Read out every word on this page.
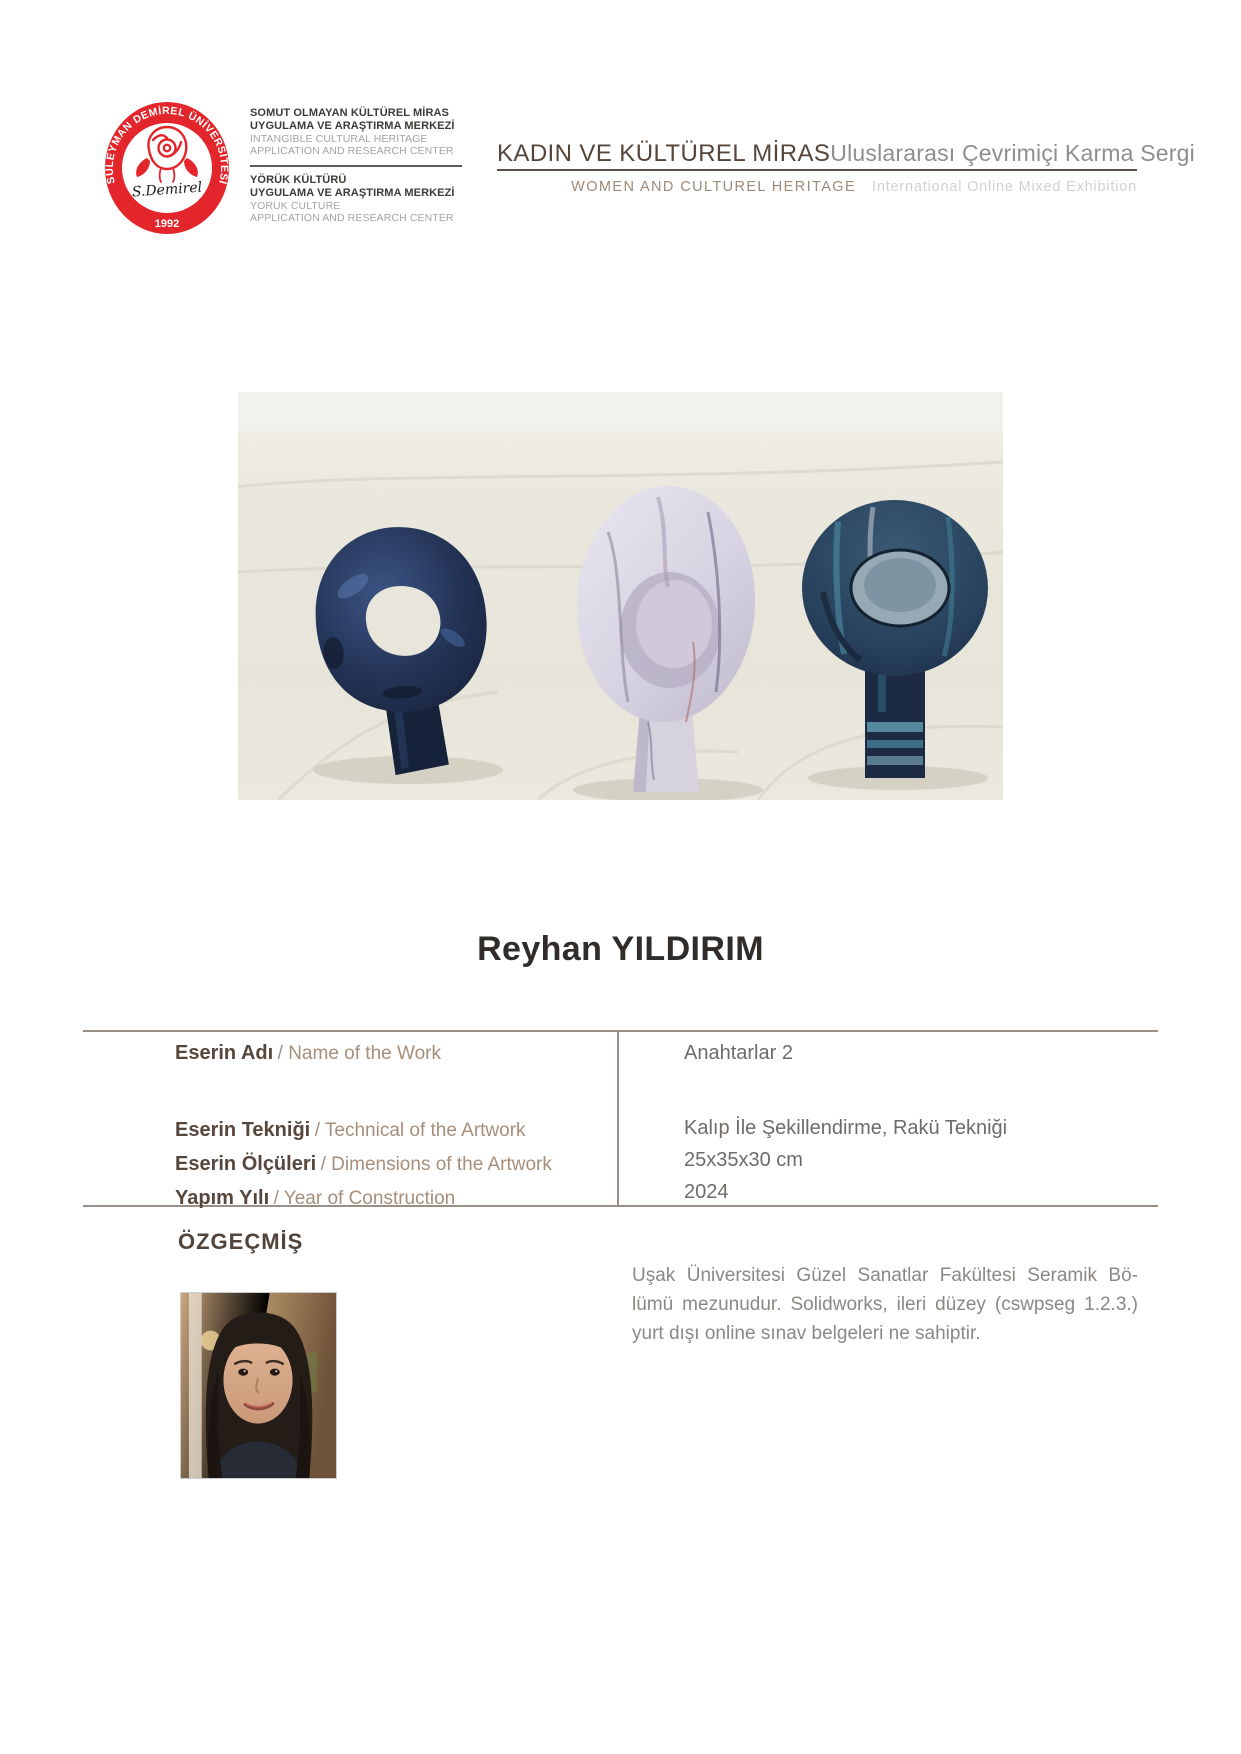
SÜLEYMAN DEMİREL ÜNİVERSİTESİ
S.Demirel
1992
SOMUT OLMAYAN KÜLTÜREL MİRAS
UYGULAMA VE ARAŞTIRMA MERKEZİ
INTANGIBLE CULTURAL HERITAGE
APPLICATION AND RESEARCH CENTER
YÖRÜK KÜLTÜRÜ
UYGULAMA VE ARAŞTIRMA MERKEZİ
YORUK CULTURE
APPLICATION AND RESEARCH CENTER
KADIN VE KÜLTÜREL MİRAS Uluslararası Çevrimiçi Karma Sergi
WOMEN AND CULTUREL HERITAGE International Online Mixed Exhibition
Reyhan YILDIRIM
Eserin Adı / Name of the Work
Eserin Tekniği / Technical of the Artwork
Eserin Ölçüleri / Dimensions of the Artwork
Yapım Yılı / Year of Construction
Anahtarlar 2
Kalıp İle Şekillendirme, Rakü Tekniği
25x35x30 cm
2024
ÖZGEÇMİŞ
Uşak Üniversitesi Güzel Sanatlar Fakültesi Seramik Bö-
lümü mezunudur. Solidworks, ileri düzey (cswpseg 1.2.3.)
yurt dışı online sınav belgeleri ne sahiptir.
